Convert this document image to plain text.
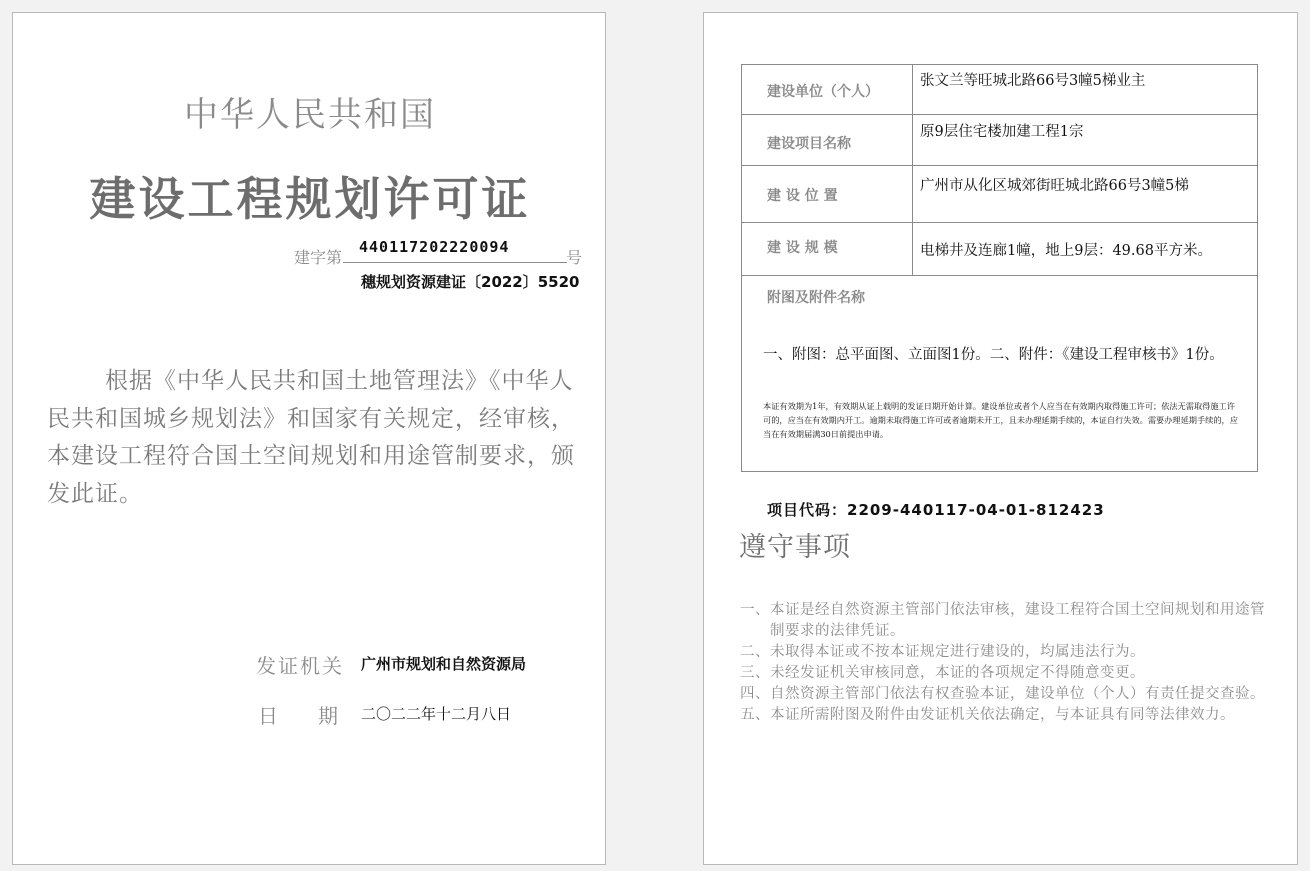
中华人民共和国
建设工程规划许可证
建字第
440117202220094
号
穗规划资源建证〔2022〕5520
根据《中华人民共和国土地管理法》《中华人民共和国城乡规划法》和国家有关规定，经审核，本建设工程符合国土空间规划和用途管制要求，颁发此证。
发证机关 广州市规划和自然资源局
日 期 二〇二二年十二月八日
建设单位（个人）
张文兰等旺城北路66号3幢5梯业主
建设项目名称
原9层住宅楼加建工程1宗
建 设 位 置
广州市从化区城郊街旺城北路66号3幢5梯
建 设 规 模	电梯井及连廊1幢，地上9层：49.68平方米。
附图及附件名称
一、附图：总平面图、立面图1份。二、附件：《建设工程审核书》1份。
本证有效期为1年，有效期从证上载明的发证日期开始计算。建设单位或者个人应当在有效期内取得施工许可；依法无需取得施工许可的，应当在有效期内开工。逾期未取得施工许可或者逾期未开工，且未办理延期手续的，本证自行失效。需要办理延期手续的，应当在有效期届满30日前提出申请。
项目代码：2209-440117-04-01-812423
遵守事项
一、 本证是经自然资源主管部门依法审核，建设工程符合国土空间规划和用途管制要求的法律凭证。
二、 未取得本证或不按本证规定进行建设的，均属违法行为。
三、 未经发证机关审核同意，本证的各项规定不得随意变更。
四、 自然资源主管部门依法有权查验本证，建设单位（个人）有责任提交查验。
五、 本证所需附图及附件由发证机关依法确定，与本证具有同等法律效力。
